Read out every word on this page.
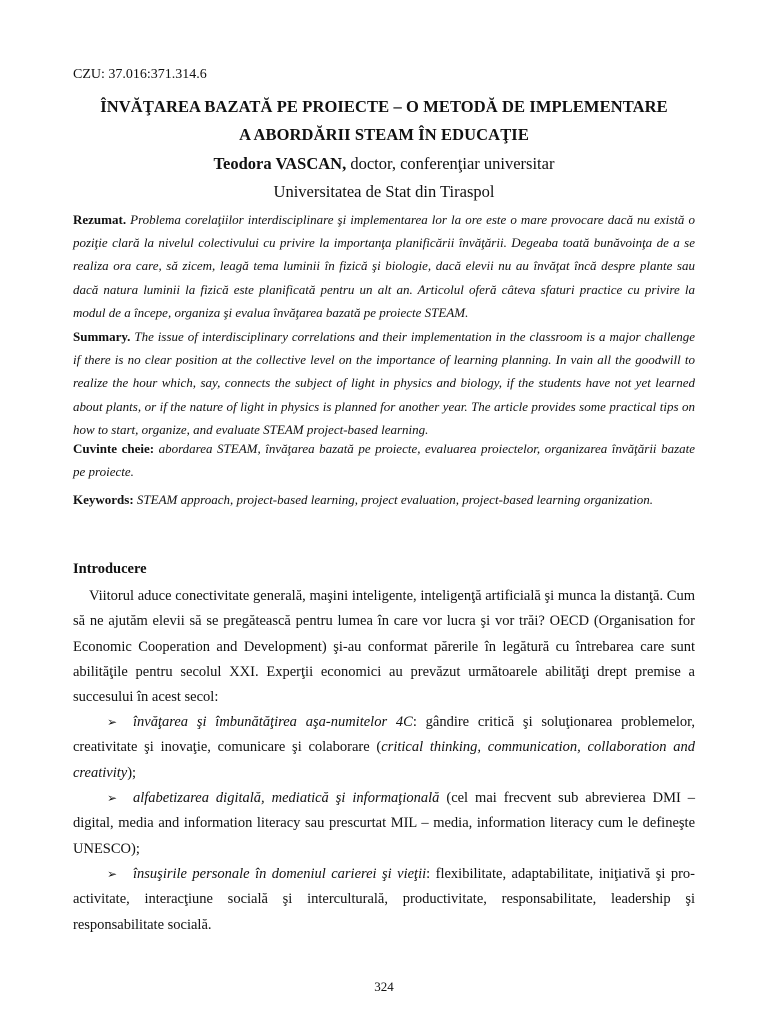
CZU: 37.016:371.314.6
ÎNVĂŢAREA BAZATĂ PE PROIECTE – O METODĂ DE IMPLEMENTARE
A ABORDĂRII STEAM ÎN EDUCAŢIE
Teodora VASCAN, doctor, conferenţiar universitar
Universitatea de Stat din Tiraspol
Rezumat. Problema corelaţiilor interdisciplinare şi implementarea lor la ore este o mare provocare dacă nu există o poziţie clară la nivelul colectivului cu privire la importanţa planificării învăţării. Degeaba toată bunăvoinţa de a se realiza ora care, să zicem, leagă tema luminii în fizică şi biologie, dacă elevii nu au învăţat încă despre plante sau dacă natura luminii la fizică este planificată pentru un alt an. Articolul oferă câteva sfaturi practice cu privire la modul de a începe, organiza şi evalua învăţarea bazată pe proiecte STEAM.
Summary. The issue of interdisciplinary correlations and their implementation in the classroom is a major challenge if there is no clear position at the collective level on the importance of learning planning. In vain all the goodwill to realize the hour which, say, connects the subject of light in physics and biology, if the students have not yet learned about plants, or if the nature of light in physics is planned for another year. The article provides some practical tips on how to start, organize, and evaluate STEAM project-based learning.
Cuvinte cheie: abordarea STEAM, învăţarea bazată pe proiecte, evaluarea proiectelor, organizarea învăţării bazate pe proiecte.
Keywords: STEAM approach, project-based learning, project evaluation, project-based learning organization.
Introducere
Viitorul aduce conectivitate generală, maşini inteligente, inteligenţă artificială şi munca la distanţă. Cum să ne ajutăm elevii să se pregătească pentru lumea în care vor lucra şi vor trăi? OECD (Organisation for Economic Cooperation and Development) şi-au conformat părerile în legătură cu întrebarea care sunt abilităţile pentru secolul XXI. Experţii economici au prevăzut următoarele abilităţi drept premise a succesului în acest secol:
➢ învăţarea şi îmbunătăţirea aşa-numitelor 4C: gândire critică şi soluţionarea problemelor, creativitate şi inovaţie, comunicare şi colaborare (critical thinking, communication, collaboration and creativity);
➢ alfabetizarea digitală, mediatică şi informaţională (cel mai frecvent sub abrevierea DMI – digital, media and information literacy sau prescurtat MIL – media, information literacy cum le defineşte UNESCO);
➢ însuşirile personale în domeniul carierei şi vieţii: flexibilitate, adaptabilitate, iniţiativă şi pro-activitate, interacţiune socială şi interculturală, productivitate, responsabilitate, leadership şi responsabilitate socială.
324
